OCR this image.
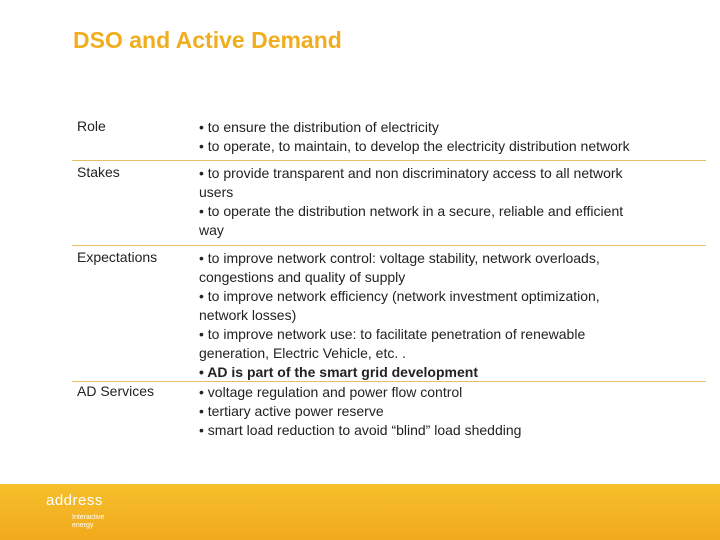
DSO and Active Demand
Role	• to ensure the distribution of electricity
• to operate, to maintain, to develop the electricity distribution network
Stakes	• to provide transparent and non discriminatory access to all network
users
• to operate the distribution network in a secure, reliable and efficient
way
Expectations	• to improve network control: voltage stability, network overloads,
congestions and quality of supply
• to improve network efficiency (network investment optimization,
network losses)
• to improve network use: to facilitate penetration of renewable
generation, Electric Vehicle, etc. .
• AD is part of the smart grid development
AD Services	• voltage regulation and power flow control
• tertiary active power reserve
• smart load reduction to avoid “blind” load shedding
address
Interactive
energy
